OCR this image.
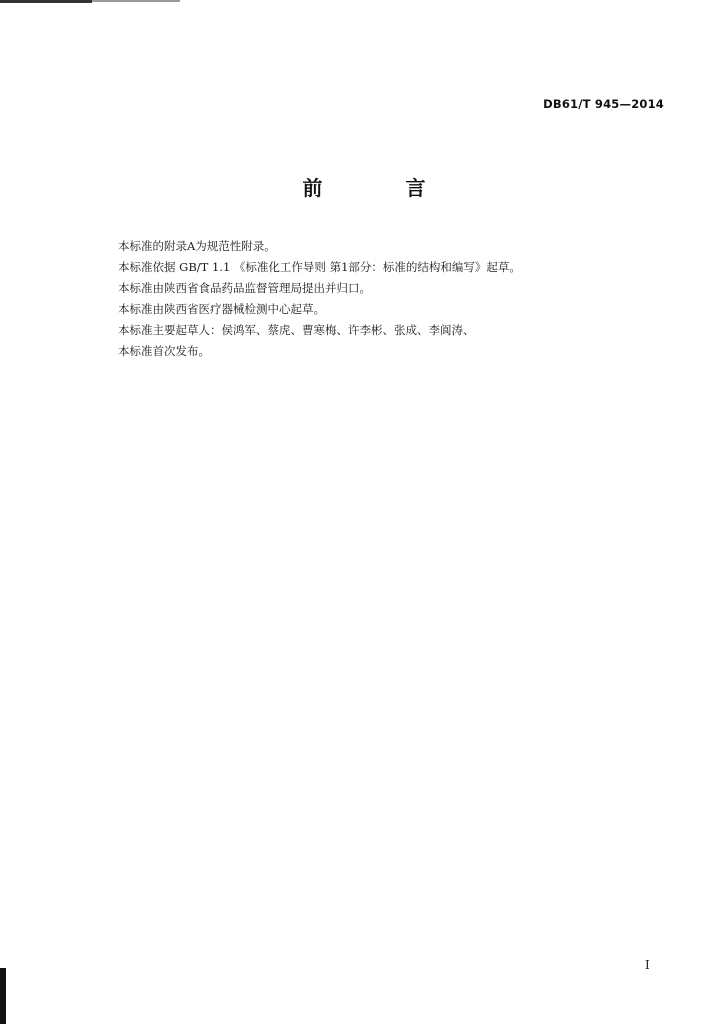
DB61/T 945—2014
前 言
本标准的附录A为规范性附录。
本标准依据 GB/T 1.1 《标准化工作导则 第1部分：标准的结构和编写》起草。
本标准由陕西省食品药品监督管理局提出并归口。
本标准由陕西省医疗器械检测中心起草。
本标准主要起草人：侯鸿军、蔡虎、曹寒梅、许李彬、张成、李阆涛、
本标准首次发布。
I
